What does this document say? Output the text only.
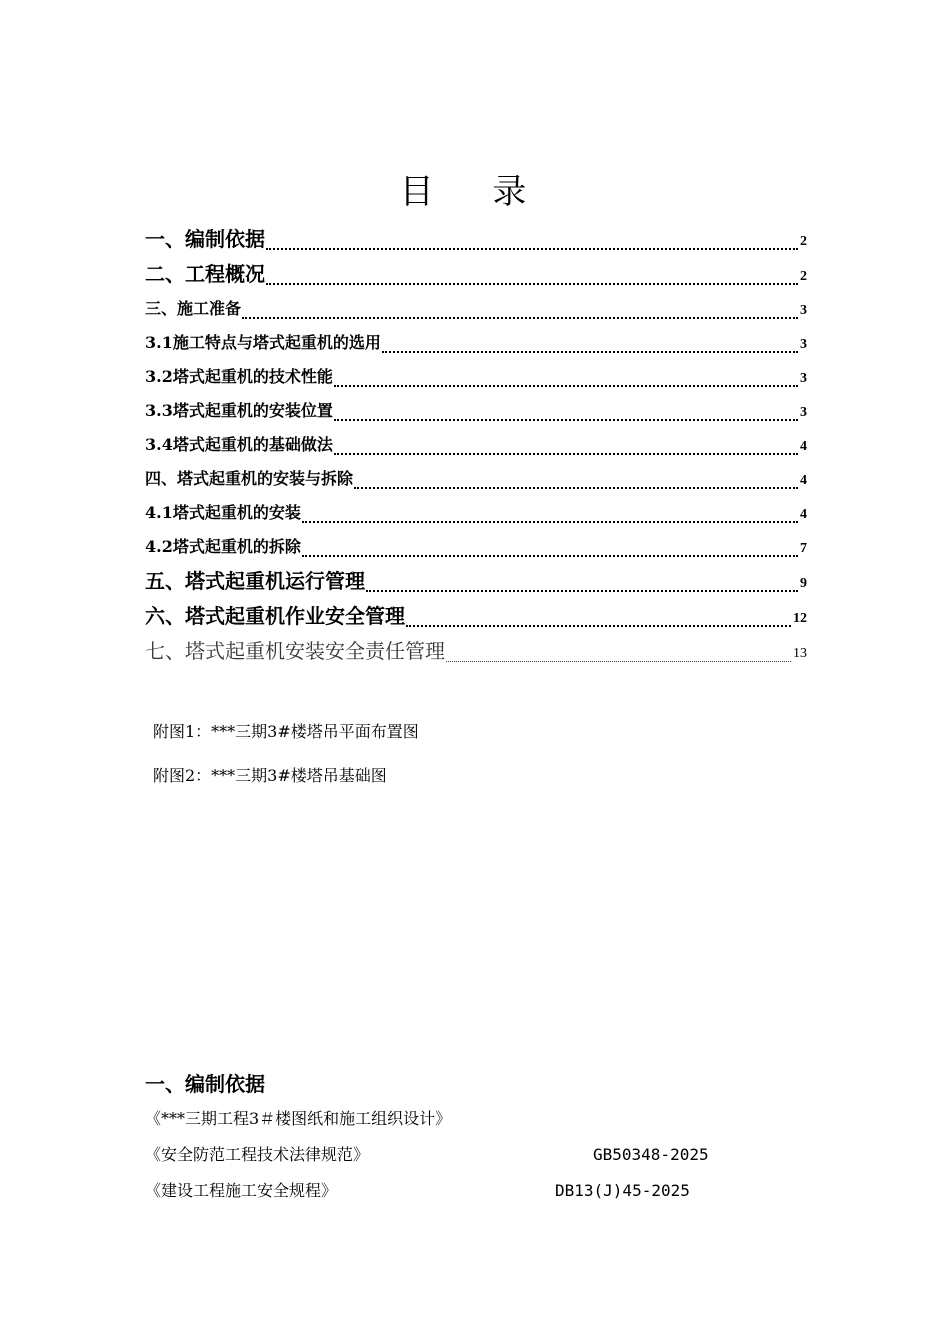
目 录
一、编制依据	2
二、工程概况	2
三、施工准备	3
3.1施工特点与塔式起重机的选用	3
3.2塔式起重机的技术性能	3
3.3塔式起重机的安装位置	3
3.4塔式起重机的基础做法	4
四、塔式起重机的安装与拆除	4
4.1塔式起重机的安装	4
4.2塔式起重机的拆除	7
五、塔式起重机运行管理	9
六、塔式起重机作业安全管理	12
七、塔式起重机安装安全责任管理	13
附图1：***三期3#楼塔吊平面布置图
附图2：***三期3#楼塔吊基础图
一、编制依据
《***三期工程3＃楼图纸和施工组织设计》
《安全防范工程技术法律规范》	GB50348-2025
《建设工程施工安全规程》	DB13(J)45-2025
